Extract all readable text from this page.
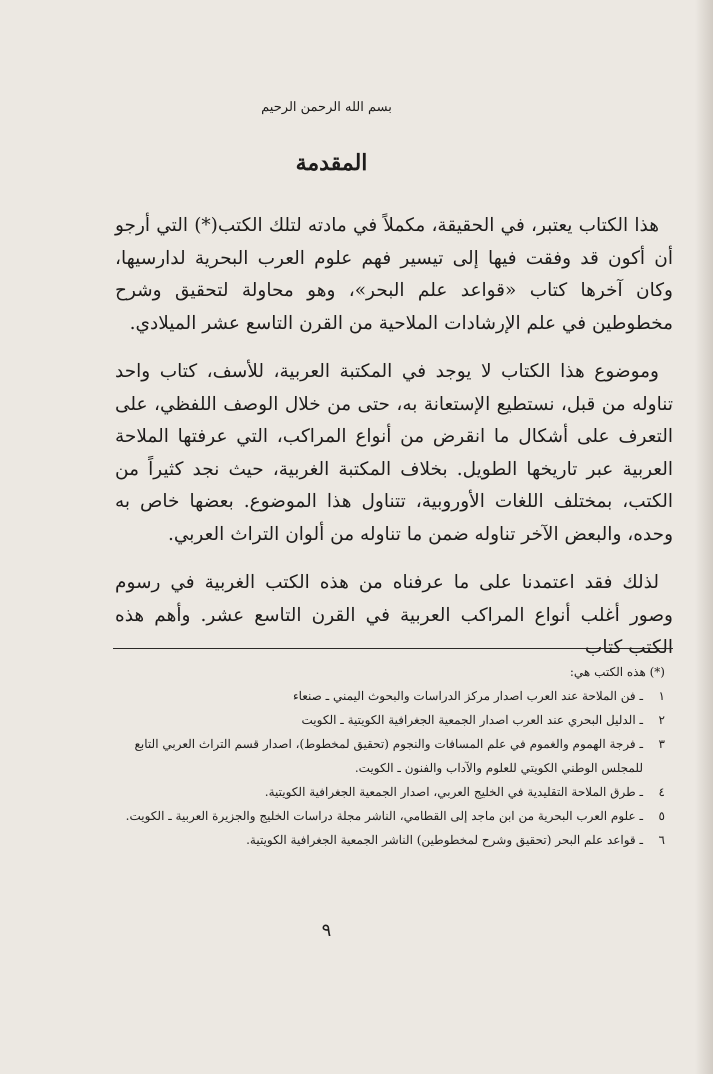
بسم الله الرحمن الرحيم
المقدمة

هذا الكتاب يعتبر، في الحقيقة، مكملاً في مادته لتلك الكتب(*) التي أرجو أن أكون قد وفقت فيها إلى تيسير فهم علوم العرب البحرية لدارسيها، وكان آخرها كتاب «قواعد علم البحر»، وهو محاولة لتحقيق وشرح مخطوطين في علم الإرشادات الملاحية من القرن التاسع عشر الميلادي.

وموضوع هذا الكتاب لا يوجد في المكتبة العربية، للأسف، كتاب واحد تناوله من قبل، نستطيع الإستعانة به، حتى من خلال الوصف اللفظي، على التعرف على أشكال ما انقرض من أنواع المراكب، التي عرفتها الملاحة العربية عبر تاريخها الطويل. بخلاف المكتبة الغربية، حيث نجد كثيراً من الكتب، بمختلف اللغات الأوروبية، تتناول هذا الموضوع. بعضها خاص به وحده، والبعض الآخر تناوله ضمن ما تناوله من ألوان التراث العربي.

لذلك فقد اعتمدنا على ما عرفناه من هذه الكتب الغربية في رسوم وصور أغلب أنواع المراكب العربية في القرن التاسع عشر. وأهم هذه الكتب كتاب

(*) هذه الكتب هي:

١
ـ فن الملاحة عند العرب اصدار مركز الدراسات والبحوث اليمني ـ صنعاء
٢
ـ الدليل البحري عند العرب اصدار الجمعية الجغرافية الكويتية ـ الكويت
٣
ـ فرجة الهموم والغموم في علم المسافات والنجوم (تحقيق لمخطوط)، اصدار قسم التراث العربي التابع للمجلس الوطني الكويتي للعلوم والآداب والفنون ـ الكويت.
٤
ـ طرق الملاحة التقليدية في الخليج العربي، اصدار الجمعية الجغرافية الكويتية.
٥
ـ علوم العرب البحرية من ابن ماجد إلى القطامي، الناشر مجلة دراسات الخليج والجزيرة العربية ـ الكويت.
٦
ـ قواعد علم البحر (تحقيق وشرح لمخطوطين) الناشر الجمعية الجغرافية الكويتية.
٩
